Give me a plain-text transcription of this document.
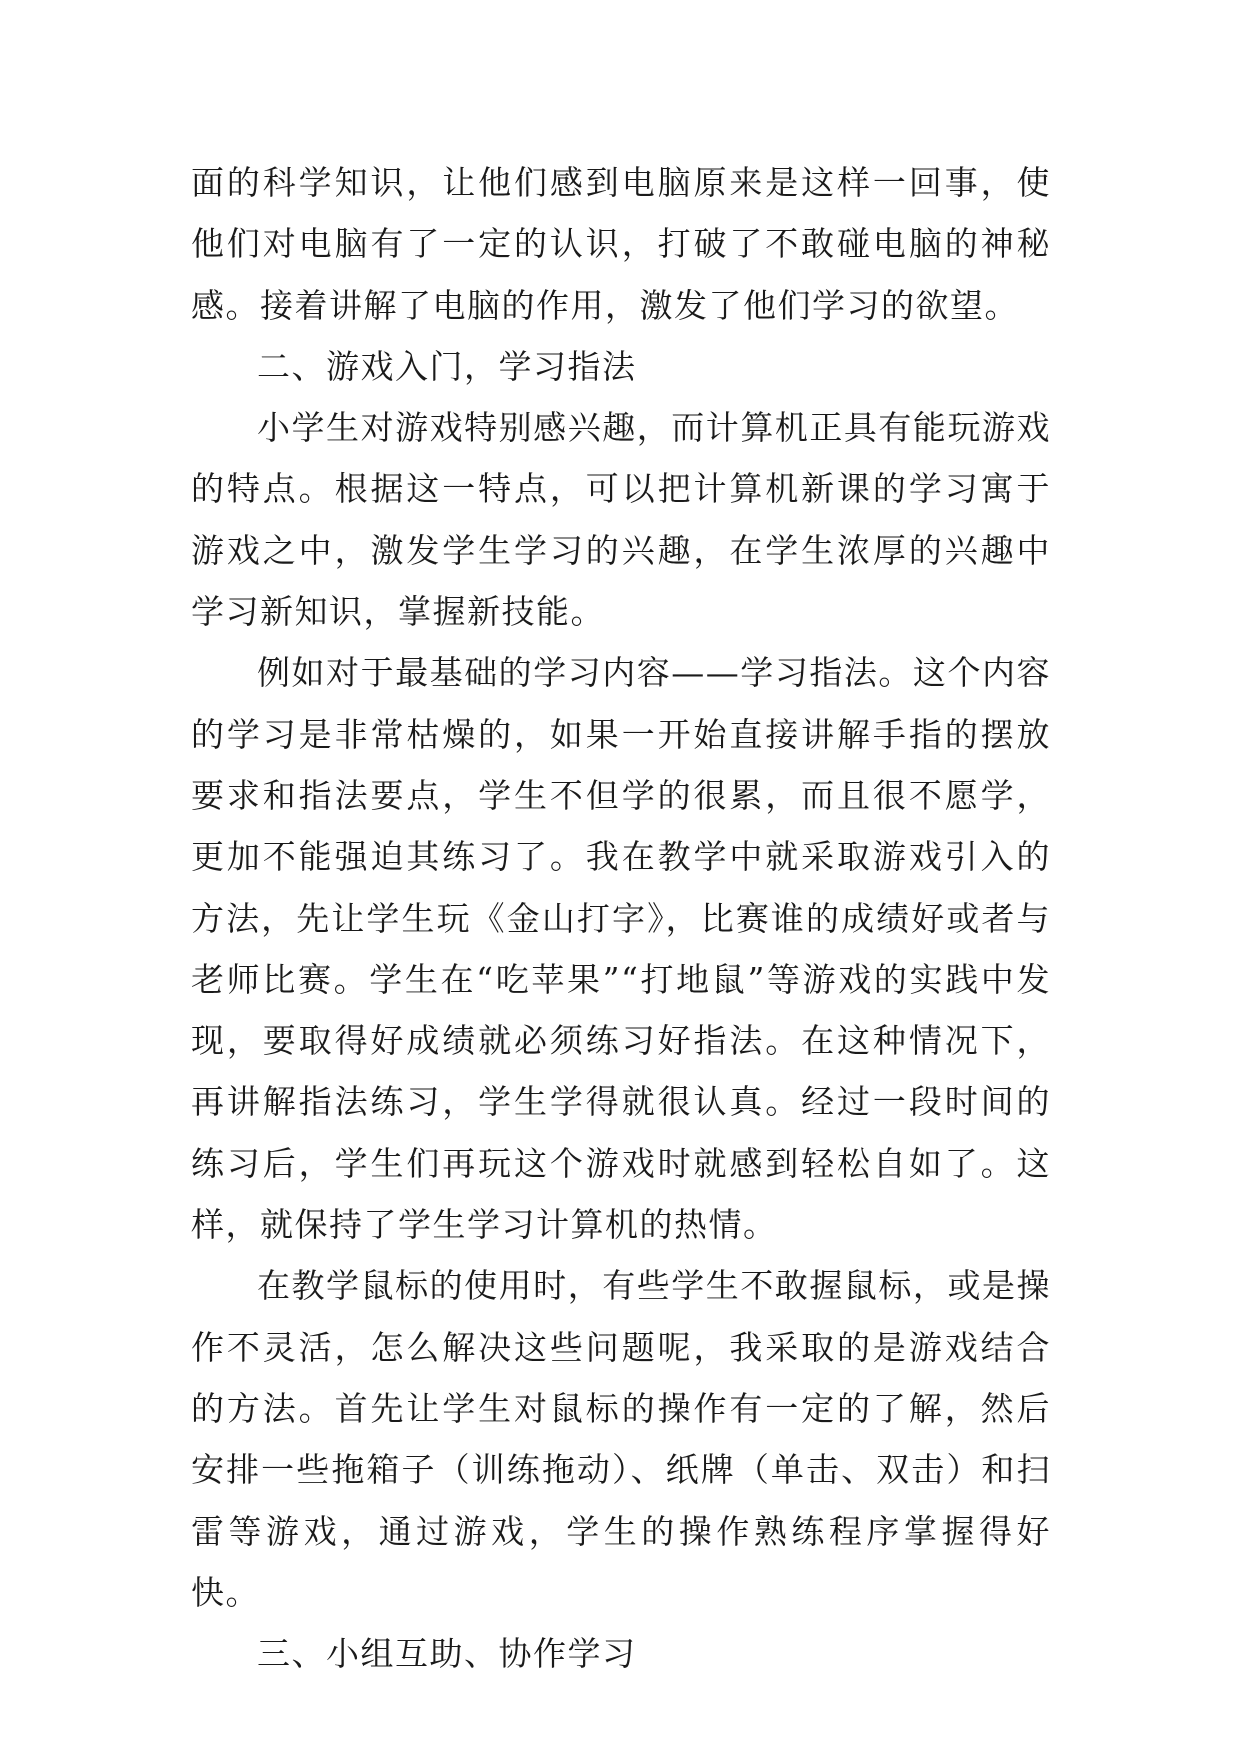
面的科学知识，让他们感到电脑原来是这样一回事，使他们对电脑有了一定的认识，打破了不敢碰电脑的神秘感。接着讲解了电脑的作用，激发了他们学习的欲望。

二、游戏入门，学习指法

小学生对游戏特别感兴趣，而计算机正具有能玩游戏的特点。根据这一特点，可以把计算机新课的学习寓于游戏之中，激发学生学习的兴趣，在学生浓厚的兴趣中学习新知识，掌握新技能。

例如对于最基础的学习内容——学习指法。这个内容的学习是非常枯燥的，如果一开始直接讲解手指的摆放要求和指法要点，学生不但学的很累，而且很不愿学，更加不能强迫其练习了。我在教学中就采取游戏引入的方法，先让学生玩《金山打字》，比赛谁的成绩好或者与老师比赛。学生在“吃苹果”“打地鼠”等游戏的实践中发现，要取得好成绩就必须练习好指法。在这种情况下，再讲解指法练习，学生学得就很认真。经过一段时间的练习后，学生们再玩这个游戏时就感到轻松自如了。这样，就保持了学生学习计算机的热情。

在教学鼠标的使用时，有些学生不敢握鼠标，或是操作不灵活，怎么解决这些问题呢，我采取的是游戏结合的方法。首先让学生对鼠标的操作有一定的了解，然后安排一些拖箱子（训练拖动）、纸牌（单击、双击）和扫雷等游戏，通过游戏，学生的操作熟练程序掌握得好快。

三、小组互助、协作学习
